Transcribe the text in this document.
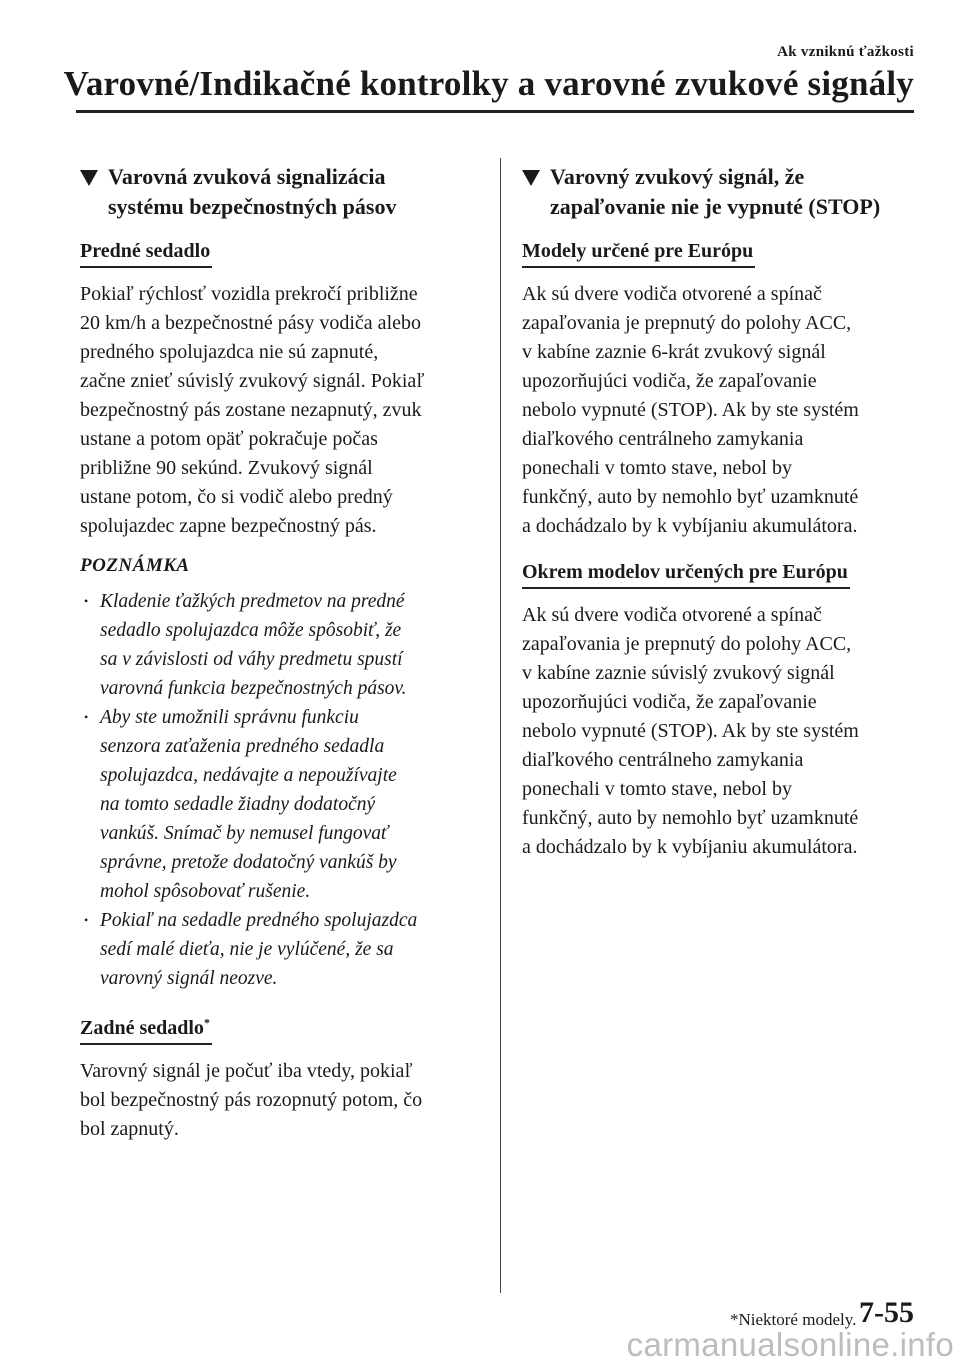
Ak vzniknú ťažkosti
Varovné/Indikačné kontrolky a varovné zvukové signály
Varovná zvuková signalizácia
systému bezpečnostných pásov
Predné sedadlo

Pokiaľ rýchlosť vozidla prekročí približne
20 km/h a bezpečnostné pásy vodiča alebo
predného spolujazdca nie sú zapnuté,
začne znieť súvislý zvukový signál. Pokiaľ
bezpečnostný pás zostane nezapnutý, zvuk
ustane a potom opäť pokračuje počas
približne 90 sekúnd. Zvukový signál
ustane potom, čo si vodič alebo predný
spolujazdec zapne bezpečnostný pás.

POZNÁMKA
• Kladenie ťažkých predmetov na predné
sedadlo spolujazdca môže spôsobiť, že
sa v závislosti od váhy predmetu spustí
varovná funkcia bezpečnostných pásov.
• Aby ste umožnili správnu funkciu
senzora zaťaženia predného sedadla
spolujazdca, nedávajte a nepoužívajte
na tomto sedadle žiadny dodatočný
vankúš. Snímač by nemusel fungovať
správne, pretože dodatočný vankúš by
mohol spôsobovať rušenie.
• Pokiaľ na sedadle predného spolujazdca
sedí malé dieťa, nie je vylúčené, že sa
varovný signál neozve.
Zadné sedadlo*

Varovný signál je počuť iba vtedy, pokiaľ
bol bezpečnostný pás rozopnutý potom, čo
bol zapnutý.

Varovný zvukový signál, že
zapaľovanie nie je vypnuté (STOP)
Modely určené pre Európu

Ak sú dvere vodiča otvorené a spínač
zapaľovania je prepnutý do polohy ACC,
v kabíne zaznie 6-krát zvukový signál
upozorňujúci vodiča, že zapaľovanie
nebolo vypnuté (STOP). Ak by ste systém
diaľkového centrálneho zamykania
ponechali v tomto stave, nebol by
funkčný, auto by nemohlo byť uzamknuté
a dochádzalo by k vybíjaniu akumulátora.

Okrem modelov určených pre Európu

Ak sú dvere vodiča otvorené a spínač
zapaľovania je prepnutý do polohy ACC,
v kabíne zaznie súvislý zvukový signál
upozorňujúci vodiča, že zapaľovanie
nebolo vypnuté (STOP). Ak by ste systém
diaľkového centrálneho zamykania
ponechali v tomto stave, nebol by
funkčný, auto by nemohlo byť uzamknuté
a dochádzalo by k vybíjaniu akumulátora.

*Niektoré modely. 7-55
carmanualsonline.info
